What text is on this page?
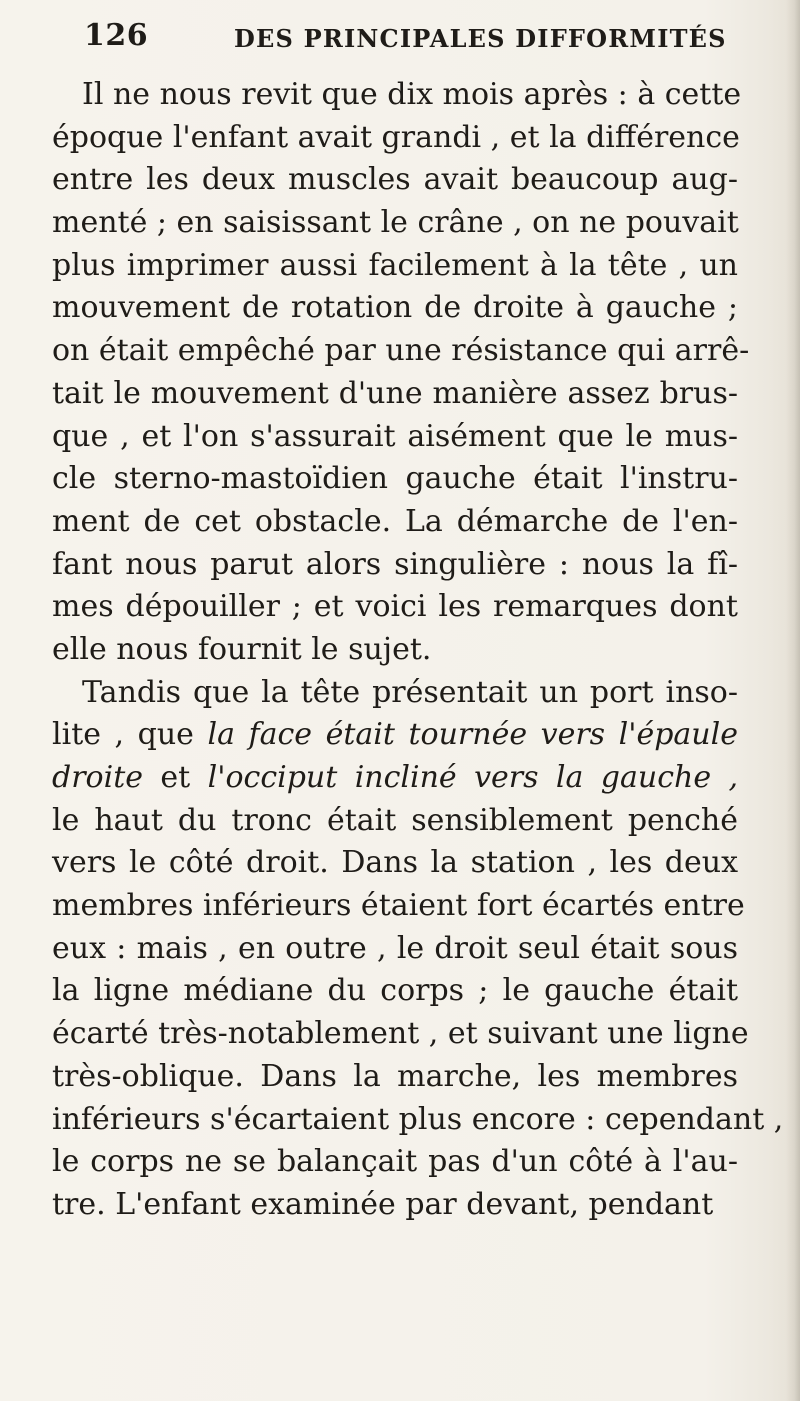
126	DES PRINCIPALES DIFFORMITÉS
Il ne nous revit que dix mois après : à cette
époque l'enfant avait grandi , et la différence
entre les deux muscles avait beaucoup aug-
menté ; en saisissant le crâne , on ne pouvait
plus imprimer aussi facilement à la tête , un
mouvement de rotation de droite à gauche ;
on était empêché par une résistance qui arrê-
tait le mouvement d'une manière assez brus-
que , et l'on s'assurait aisément que le mus-
cle sterno-mastoïdien gauche était l'instru-
ment de cet obstacle. La démarche de l'en-
fant nous parut alors singulière : nous la fî-
mes dépouiller ; et voici les remarques dont
elle nous fournit le sujet.
Tandis que la tête présentait un port inso-
lite , que la face était tournée vers l'épaule
droite et l'occiput incliné vers la gauche ,
le haut du tronc était sensiblement penché
vers le côté droit. Dans la station , les deux
membres inférieurs étaient fort écartés entre
eux : mais , en outre , le droit seul était sous
la ligne médiane du corps ; le gauche était
écarté très-notablement , et suivant une ligne
très-oblique. Dans la marche, les membres
inférieurs s'écartaient plus encore : cependant ,
le corps ne se balançait pas d'un côté à l'au-
tre. L'enfant examinée par devant, pendant
